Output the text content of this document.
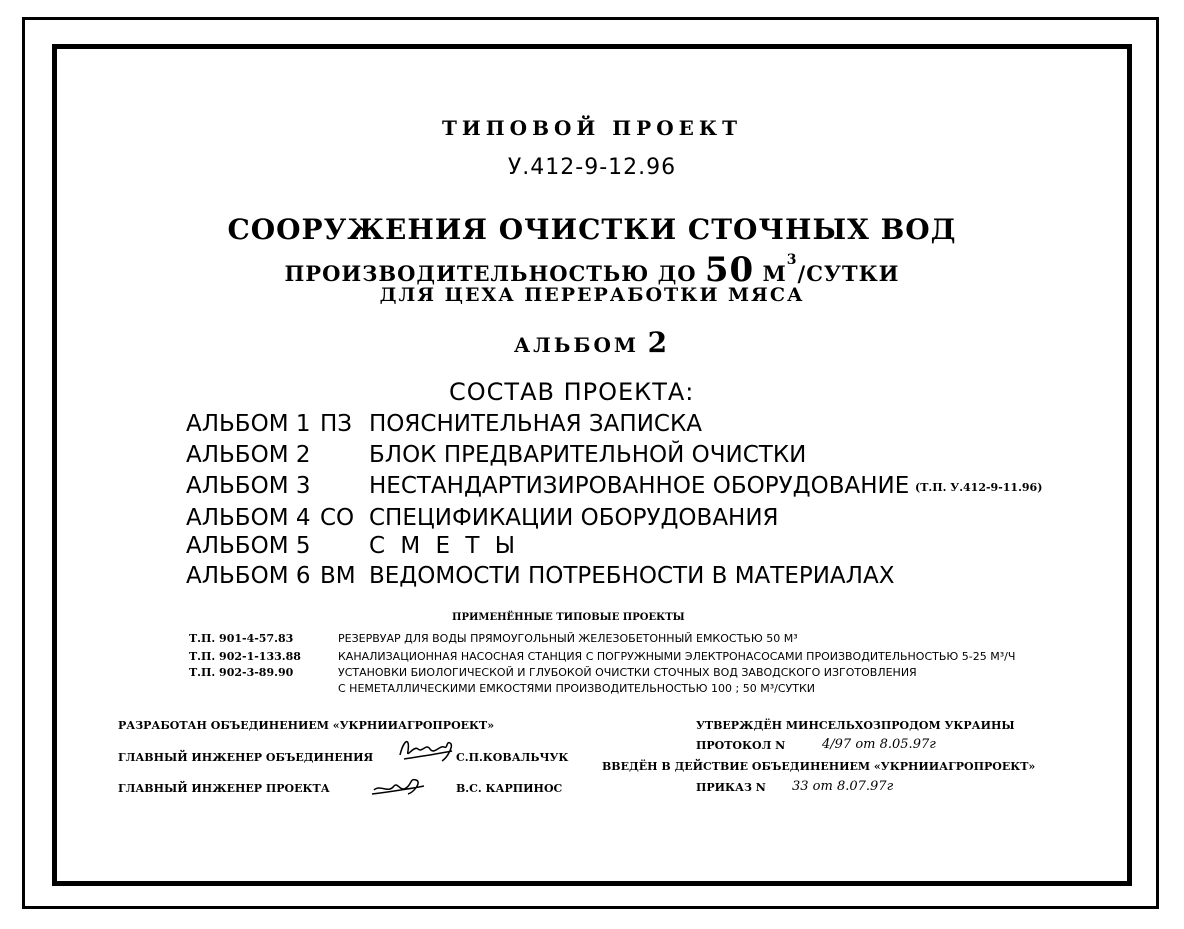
ТИПОВОЙ ПРОЕКТ
У.412-9-12.96
СООРУЖЕНИЯ ОЧИСТКИ СТОЧНЫХ ВОД
ПРОИЗВОДИТЕЛЬНОСТЬЮ ДО 50 $М^3$/СУТКИ
ДЛЯ ЦЕХА ПЕРЕРАБОТКИ МЯСА
АЛЬБОМ 2
СОСТАВ ПРОЕКТА:
АЛЬБОМ 1 ПЗ ПОЯСНИТЕЛЬНАЯ ЗАПИСКА
АЛЬБОМ 2	БЛОК ПРЕДВАРИТЕЛЬНОЙ ОЧИСТКИ
АЛЬБОМ 3	НЕСТАНДАРТИЗИРОВАННОЕ ОБОРУДОВАНИЕ (Т.П. У.412-9-11.96)
АЛЬБОМ 4 СО СПЕЦИФИКАЦИИ ОБОРУДОВАНИЯ
АЛЬБОМ 5	С М Е Т Ы
АЛЬБОМ 6 ВМ ВЕДОМОСТИ ПОТРЕБНОСТИ В МАТЕРИАЛАХ
ПРИМЕНЁННЫЕ ТИПОВЫЕ ПРОЕКТЫ
Т.П. 901-4-57.83	РЕЗЕРВУАР ДЛЯ ВОДЫ ПРЯМОУГОЛЬНЫЙ ЖЕЛЕЗОБЕТОННЫЙ ЕМКОСТЬЮ 50 М³
Т.П. 902-1-133.88	КАНАЛИЗАЦИОННАЯ НАСОСНАЯ СТАНЦИЯ С ПОГРУЖНЫМИ ЭЛЕКТРОНАСОСАМИ ПРОИЗВОДИТЕЛЬНОСТЬЮ 5-25 М³/Ч
Т.П. 902-3-89.90	УСТАНОВКИ БИОЛОГИЧЕСКОЙ И ГЛУБОКОЙ ОЧИСТКИ СТОЧНЫХ ВОД ЗАВОДСКОГО ИЗГОТОВЛЕНИЯ
С НЕМЕТАЛЛИЧЕСКИМИ ЕМКОСТЯМИ ПРОИЗВОДИТЕЛЬНОСТЬЮ 100 ; 50 М³/СУТКИ
РАЗРАБОТАН ОБЪЕДИНЕНИЕМ «УКРНИИАГРОПРОЕКТ»
ГЛАВНЫЙ ИНЖЕНЕР ОБЪЕДИНЕНИЯ	С.П.КОВАЛЬЧУК
ГЛАВНЫЙ ИНЖЕНЕР ПРОЕКТА	В.С. КАРПИНОС
УТВЕРЖДЁН МИНСЕЛЬХОЗПРОДОМ УКРАИНЫ
ПРОТОКОЛ N	4/97 от 8.05.97г
ВВЕДЁН В ДЕЙСТВИЕ ОБЪЕДИНЕНИЕМ «УКРНИИАГРОПРОЕКТ»
ПРИКАЗ N 33 от 8.07.97г
